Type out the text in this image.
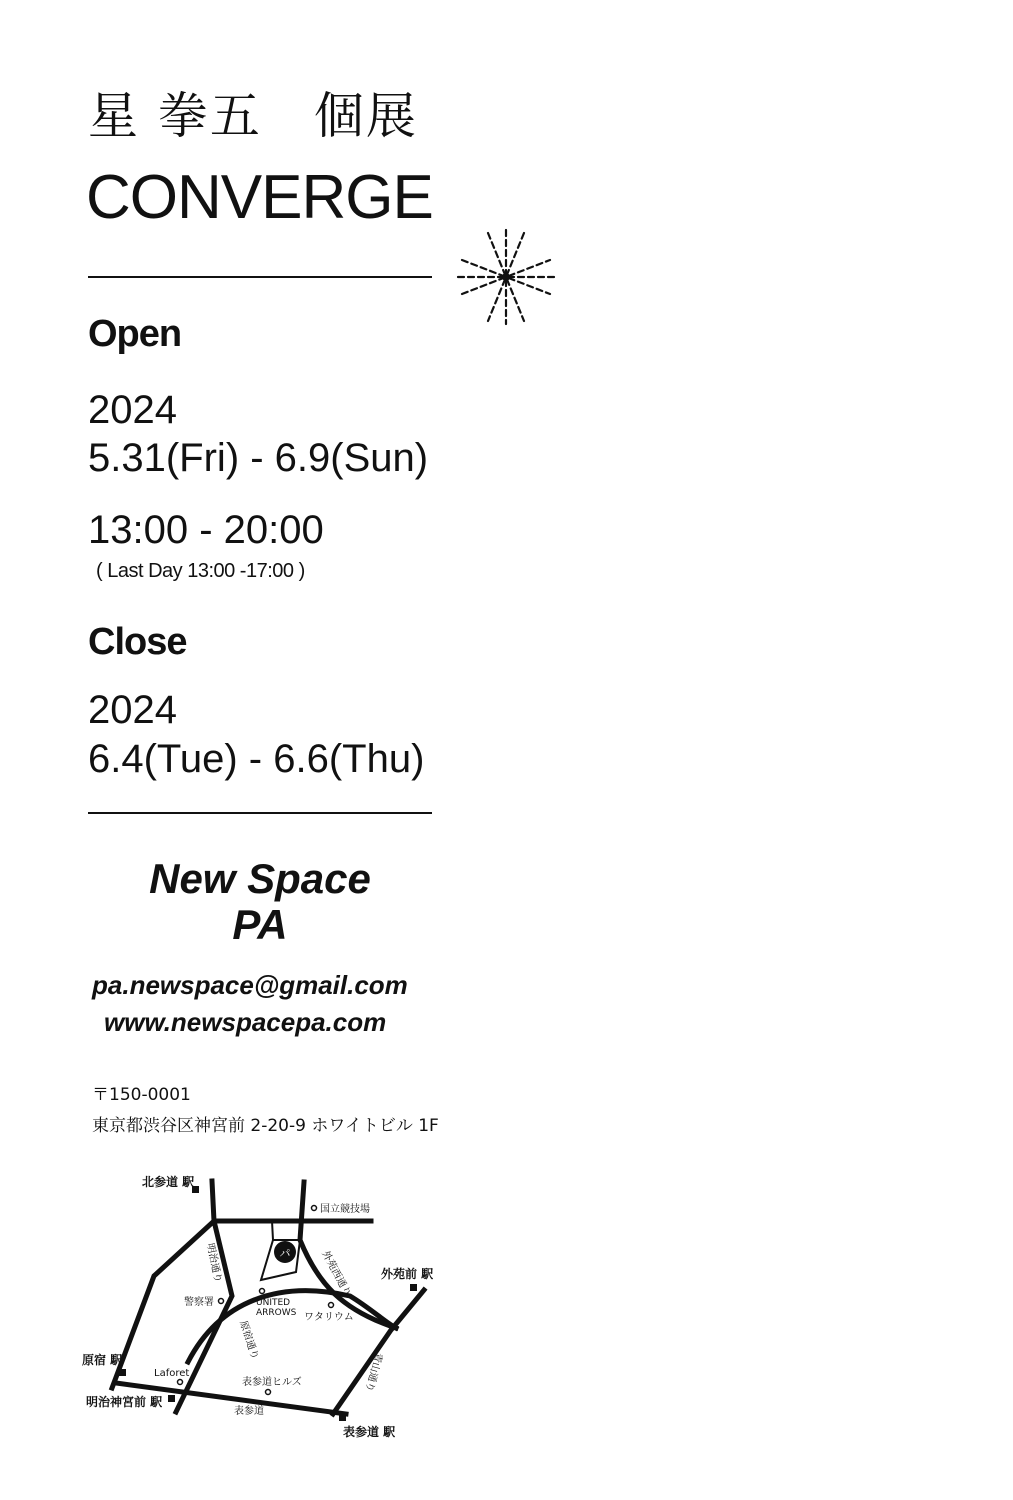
星 拳五　個展
CONVERGE
Open
2024
5.31(Fri) - 6.9(Sun)
13:00 - 20:00
( Last Day 13:00 -17:00 )
Close
2024
6.4(Tue) - 6.6(Thu)
New Space
PA
pa.newspace@gmail.com
www.newspacepa.com
〒150-0001
東京都渋谷区神宮前 2-20-9 ホワイトビル 1F
パ
北参道 駅
外苑前 駅
原宿 駅
明治神宮前 駅
表参道 駅
国立競技場
警察署	UNITED
ARROWS ワタリウム
Laforet
表参道ヒルズ
表参道
明治通り	外苑西通り
原宿通り
青山通り
